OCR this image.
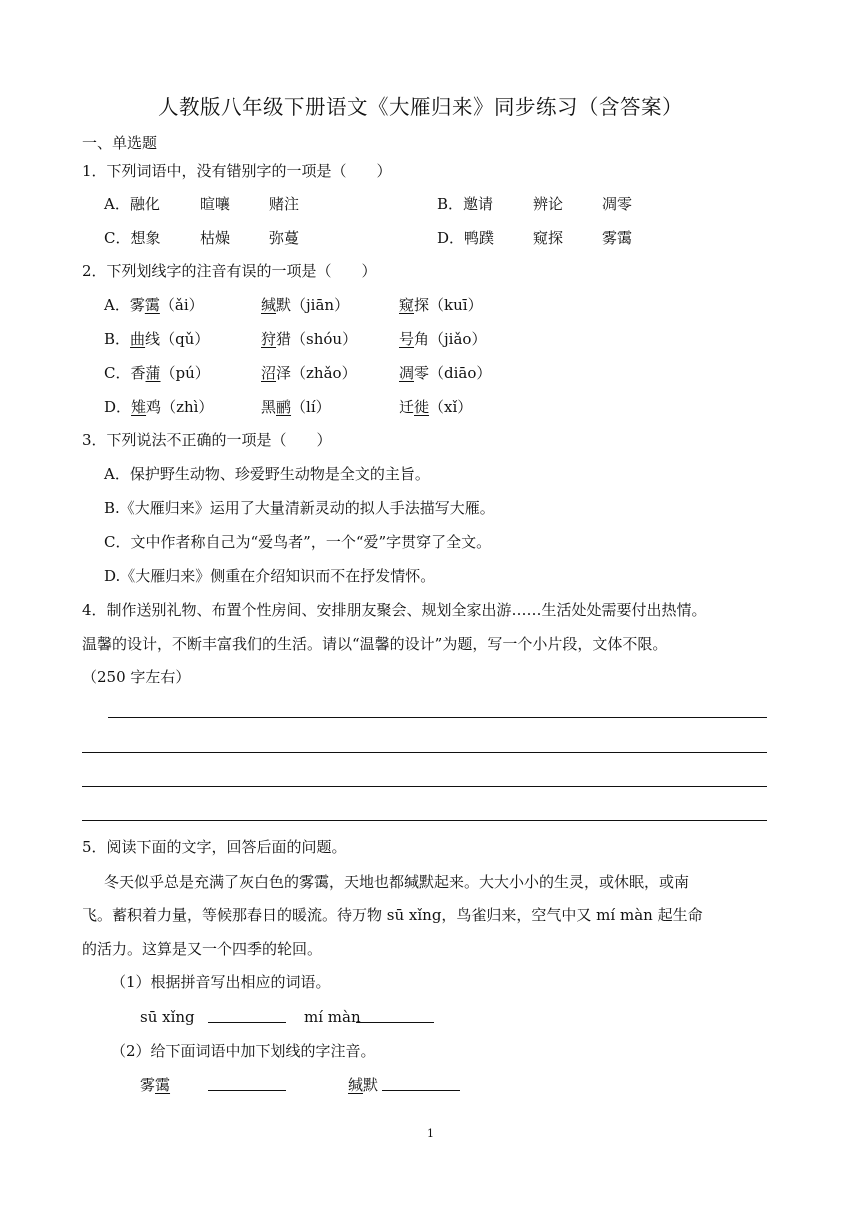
人教版八年级下册语文《大雁归来》同步练习（含答案）
一、单选题
1．下列词语中，没有错别字的一项是（　　）
A．融化	暄嚷	赌注	B．邀请	辨论	凋零
C．想象	枯燥	弥蔓	D．鸭蹼	窥探	雾霭
2．下列划线字的注音有误的一项是（　　）
A．雾霭（ǎi）	缄默（jiān）	窥探（kuī）
B．曲线（qǔ）	狩猎（shóu）	号角（jiǎo）
C．香蒲（pú）	沼泽（zhǎo）	凋零（diāo）
D．雉鸡（zhì）	黑鹂（lí）	迁徙（xǐ）
3．下列说法不正确的一项是（　　）
A．保护野生动物、珍爱野生动物是全文的主旨。
B.《大雁归来》运用了大量清新灵动的拟人手法描写大雁。
C．文中作者称自己为“爱鸟者”，一个“爱”字贯穿了全文。
D.《大雁归来》侧重在介绍知识而不在抒发情怀。
4．制作送别礼物、布置个性房间、安排朋友聚会、规划全家出游……生活处处需要付出热情。
温馨的设计，不断丰富我们的生活。请以“温馨的设计”为题，写一个小片段，文体不限。
（250 字左右）
5．阅读下面的文字，回答后面的问题。
冬天似乎总是充满了灰白色的雾霭，天地也都缄默起来。大大小小的生灵，或休眠，或南
飞。蓄积着力量，等候那春日的暖流。待万物 sū xǐng，鸟雀归来，空气中又 mí màn 起生命
的活力。这算是又一个四季的轮回。
（1）根据拼音写出相应的词语。
sū xǐng	mí màn
（2）给下面词语中加下划线的字注音。
雾霭	缄默
1
